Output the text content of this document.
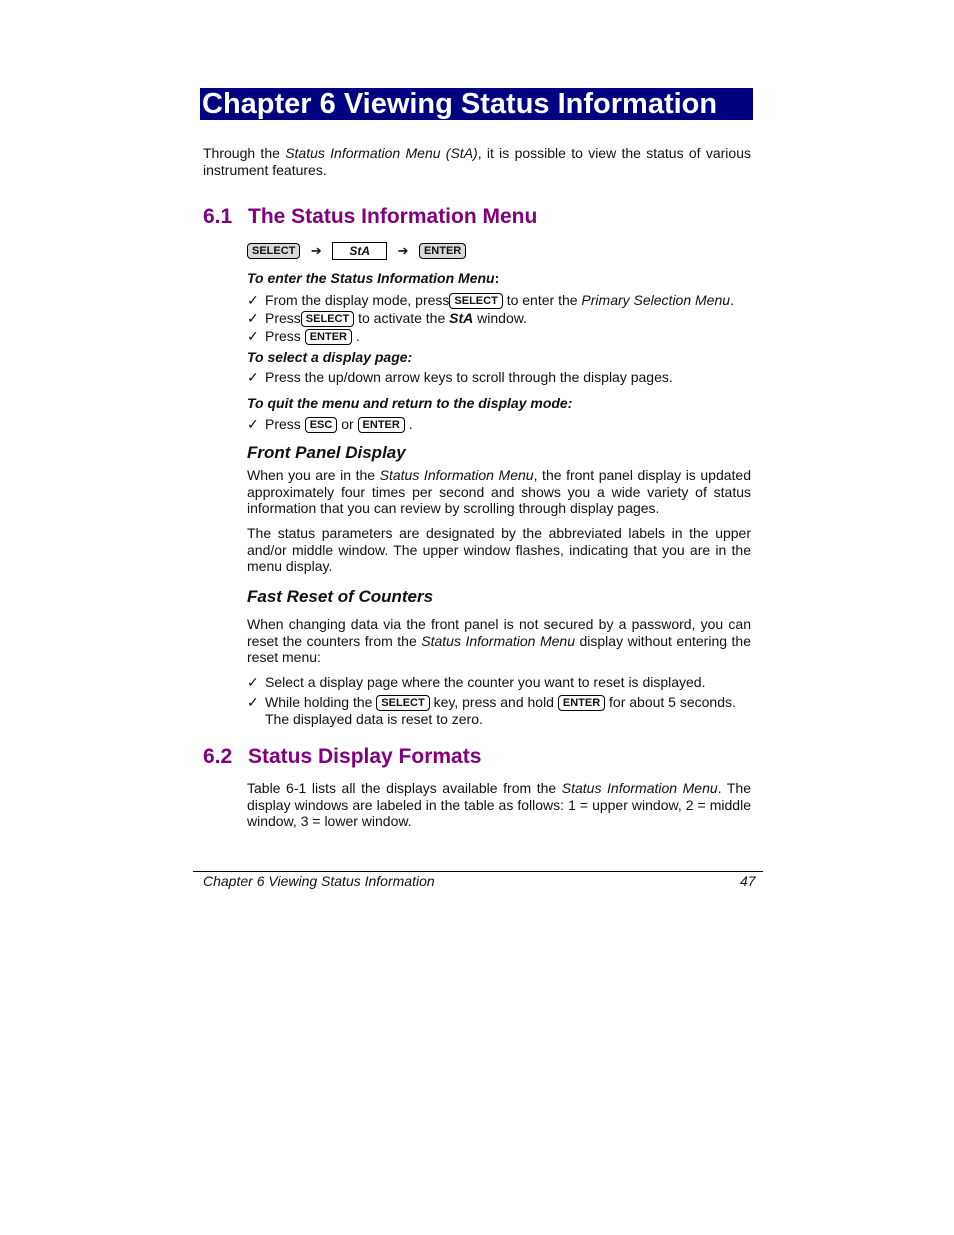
Chapter 6 Viewing Status Information
Through the Status Information Menu (StA), it is possible to view the status of various instrument features.
6.1 The Status Information Menu
SELECT ➔ StA ➔ ENTER
To enter the Status Information Menu:
✓ From the display mode, press SELECT to enter the Primary Selection Menu.
✓ Press SELECT to activate the StA window.
✓ Press ENTER .
To select a display page:
✓ Press the up/down arrow keys to scroll through the display pages.
To quit the menu and return to the display mode:
✓ Press ESC or ENTER .
Front Panel Display
When you are in the Status Information Menu, the front panel display is updated approximately four times per second and shows you a wide variety of status information that you can review by scrolling through display pages.
The status parameters are designated by the abbreviated labels in the upper and/or middle window. The upper window flashes, indicating that you are in the menu display.
Fast Reset of Counters
When changing data via the front panel is not secured by a password, you can reset the counters from the Status Information Menu display without entering the reset menu:
✓ Select a display page where the counter you want to reset is displayed.
✓ While holding the SELECT key, press and hold ENTER for about 5 seconds.
The displayed data is reset to zero.
6.2 Status Display Formats
Table 6-1 lists all the displays available from the Status Information Menu. The display windows are labeled in the table as follows: 1 = upper window, 2 = middle window, 3 = lower window.
Chapter 6 Viewing Status Information	47
